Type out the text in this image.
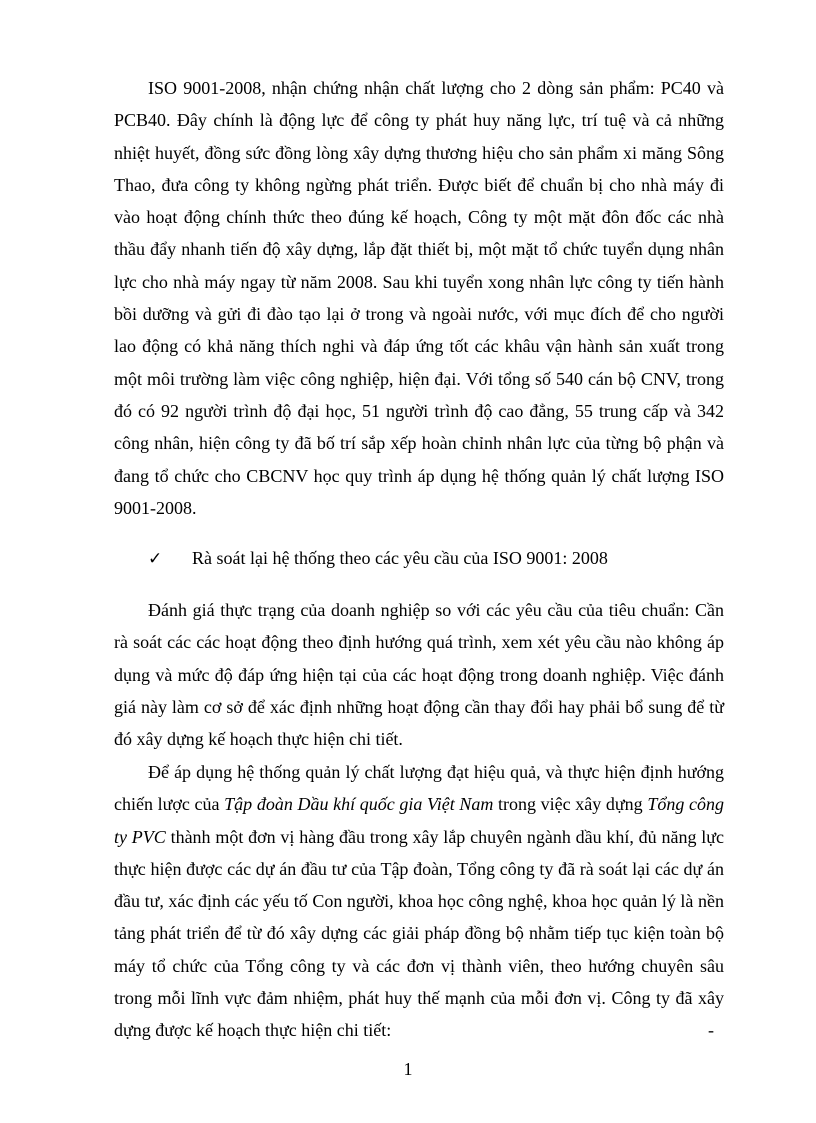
ISO 9001-2008, nhận chứng nhận chất lượng cho 2 dòng sản phẩm: PC40 và PCB40. Đây chính là động lực để công ty phát huy năng lực, trí tuệ và cả những nhiệt huyết, đồng sức đồng lòng xây dựng thương hiệu cho sản phẩm xi măng Sông Thao, đưa công ty không ngừng phát triển. Được biết để chuẩn bị cho nhà máy đi vào hoạt động chính thức theo đúng kế hoạch, Công ty một mặt đôn đốc các nhà thầu đẩy nhanh tiến độ xây dựng, lắp đặt thiết bị, một mặt tổ chức tuyển dụng nhân lực cho nhà máy ngay từ năm 2008. Sau khi tuyển xong nhân lực công ty tiến hành bồi dưỡng và gửi đi đào tạo lại ở trong và ngoài nước, với mục đích để cho người lao động có khả năng thích nghi và đáp ứng tốt các khâu vận hành sản xuất trong một môi trường làm việc công nghiệp, hiện đại. Với tổng số 540 cán bộ CNV, trong đó có 92 người trình độ đại học, 51 người trình độ cao đẳng, 55 trung cấp và 342 công nhân, hiện công ty đã bố trí sắp xếp hoàn chỉnh nhân lực của từng bộ phận và đang tổ chức cho CBCNV học quy trình áp dụng hệ thống quản lý chất lượng ISO 9001-2008.

✓ Rà soát lại hệ thống theo các yêu cầu của ISO 9001: 2008

Đánh giá thực trạng của doanh nghiệp so với các yêu cầu của tiêu chuẩn: Cần rà soát các các hoạt động theo định hướng quá trình, xem xét yêu cầu nào không áp dụng và mức độ đáp ứng hiện tại của các hoạt động trong doanh nghiệp. Việc đánh giá này làm cơ sở để xác định những hoạt động cần thay đổi hay phải bổ sung để từ đó xây dựng kế hoạch thực hiện chi tiết.

Để áp dụng hệ thống quản lý chất lượng đạt hiệu quả, và thực hiện định hướng chiến lược của Tập đoàn Dầu khí quốc gia Việt Nam trong việc xây dựng Tổng công ty PVC thành một đơn vị hàng đầu trong xây lắp chuyên ngành dầu khí, đủ năng lực thực hiện được các dự án đầu tư của Tập đoàn, Tổng công ty đã rà soát lại các dự án đầu tư, xác định các yếu tố Con người, khoa học công nghệ, khoa học quản lý là nền tảng phát triển để từ đó xây dựng các giải pháp đồng bộ nhằm tiếp tục kiện toàn bộ máy tổ chức của Tổng công ty và các đơn vị thành viên, theo hướng chuyên sâu trong mỗi lĩnh vực đảm nhiệm, phát huy thế mạnh của mỗi đơn vị. Công ty đã xây dựng được kế hoạch thực hiện chi tiết:	-

1
